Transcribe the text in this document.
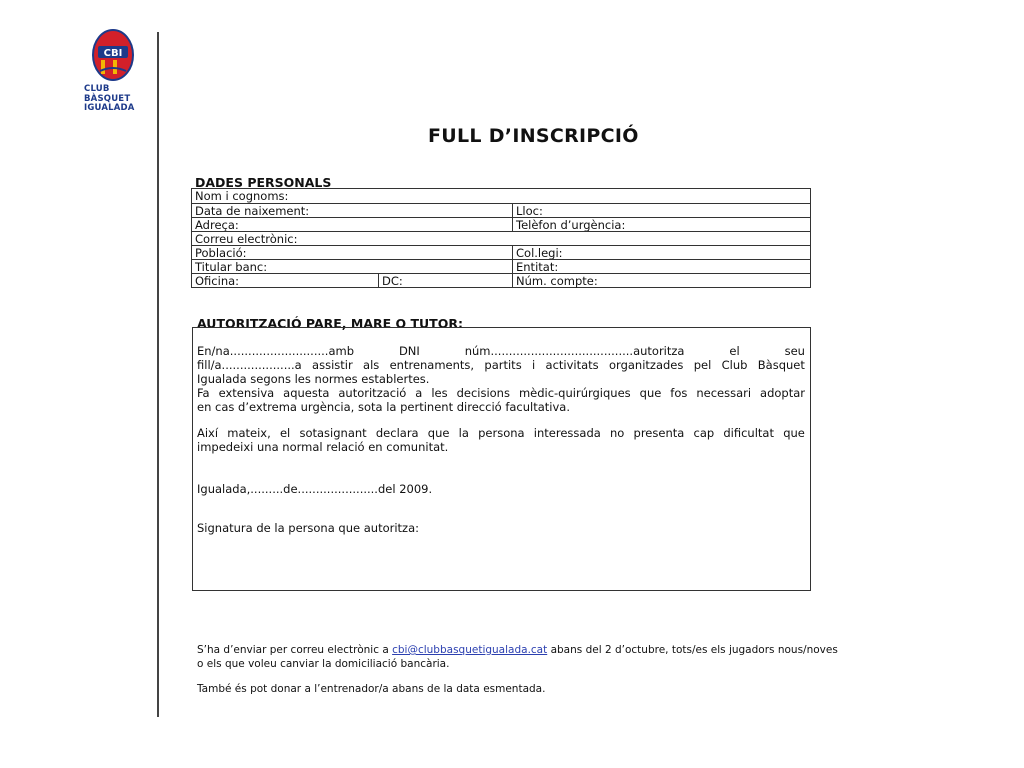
CBI
CLUB
BÀSQUET
IGUALADA
FULL D’INSCRIPCIÓ
DADES PERSONALS
Nom i cognoms:
Data de naixement:	Lloc:
Adreça:	Telèfon d’urgència:
Correu electrònic:
Població:	Col.legi:
Titular banc:	Entitat:
Oficina:	DC:	Núm. compte:
AUTORITZACIÓ PARE, MARE O TUTOR:
En/na...........................amb	DNI	núm.......................................autoritza	el	seu
fill/a....................a assistir als entrenaments, partits i activitats organitzades pel Club Bàsquet
Igualada segons les normes establertes.
Fa extensiva aquesta autorització a les decisions mèdic-quirúrgiques que fos necessari adoptar
en cas d’extrema urgència, sota la pertinent direcció facultativa.
Així mateix, el sotasignant declara que la persona interessada no presenta cap dificultat que
impedeixi una normal relació en comunitat.
Igualada,.........de......................del 2009.
Signatura de la persona que autoritza:
S’ha d’enviar per correu electrònic a cbi@clubbasquetigualada.cat abans del 2 d’octubre, tots/es els jugadors nous/noves
o els que voleu canviar la domiciliació bancària.
També és pot donar a l’entrenador/a abans de la data esmentada.
